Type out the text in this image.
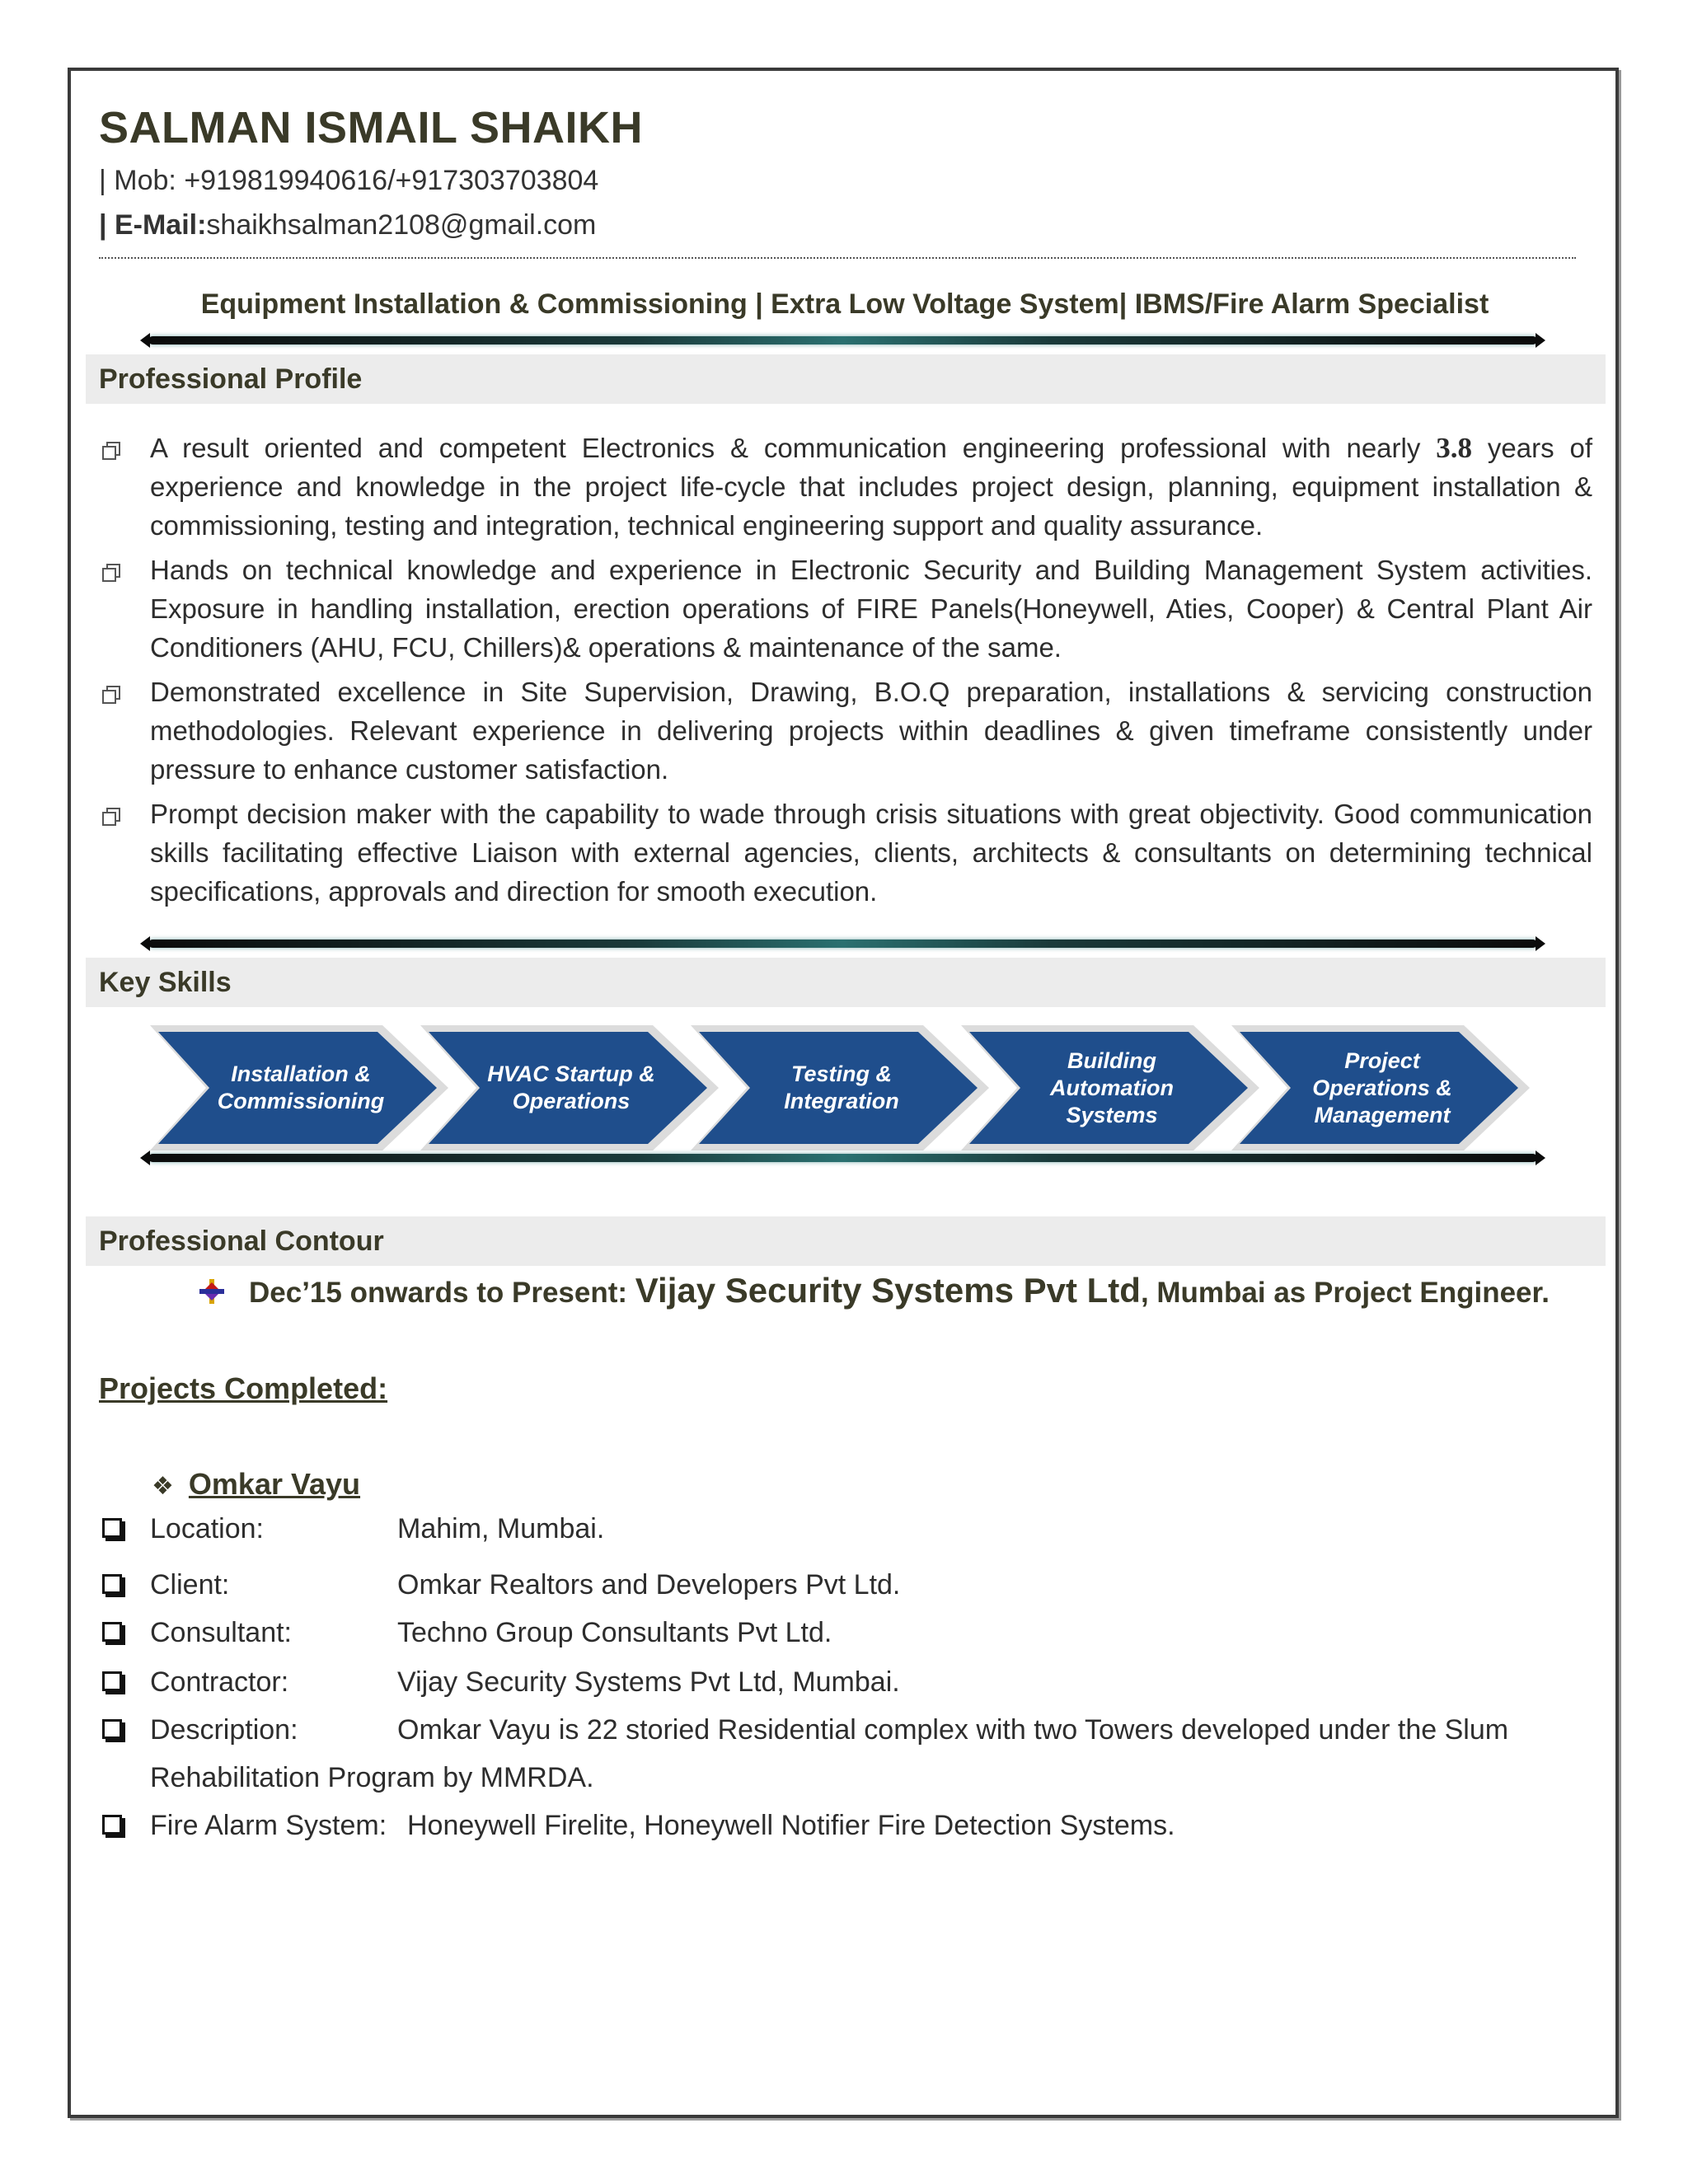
SALMAN ISMAIL SHAIKH
| Mob: +919819940616/+917303703804
| E-Mail:shaikhsalman2108@gmail.com
Equipment Installation & Commissioning | Extra Low Voltage System| IBMS/Fire Alarm Specialist
Professional Profile
A result oriented and competent Electronics & communication engineering professional with nearly 3.8 years of experience and knowledge in the project life-cycle that includes project design, planning, equipment installation & commissioning, testing and integration, technical engineering support and quality assurance.
Hands on technical knowledge and experience in Electronic Security and Building Management System activities. Exposure in handling installation, erection operations of FIRE Panels(Honeywell, Aties, Cooper) & Central Plant Air Conditioners (AHU, FCU, Chillers)& operations & maintenance of the same.
Demonstrated excellence in Site Supervision, Drawing, B.O.Q preparation, installations & servicing construction methodologies. Relevant experience in delivering projects within deadlines & given timeframe consistently under pressure to enhance customer satisfaction.
Prompt decision maker with the capability to wade through crisis situations with great objectivity. Good communication skills facilitating effective Liaison with external agencies, clients, architects & consultants on determining technical specifications, approvals and direction for smooth execution.
Key Skills
Installation &
Commissioning
HVAC Startup &
Operations
Testing &
Integration
Building
Automation
Systems
Project
Operations &
Management
Professional Contour
Dec’15 onwards to Present: Vijay Security Systems Pvt Ltd, Mumbai as Project Engineer.
Projects Completed:
❖ Omkar Vayu
Location:	Mahim, Mumbai.
Client:	Omkar Realtors and Developers Pvt Ltd.
Consultant:	Techno Group Consultants Pvt Ltd.
Contractor:	Vijay Security Systems Pvt Ltd, Mumbai.
Description:	Omkar Vayu is 22 storied Residential complex with two Towers developed under the Slum
Rehabilitation Program by MMRDA.
Fire Alarm System: Honeywell Firelite, Honeywell Notifier Fire Detection Systems.
